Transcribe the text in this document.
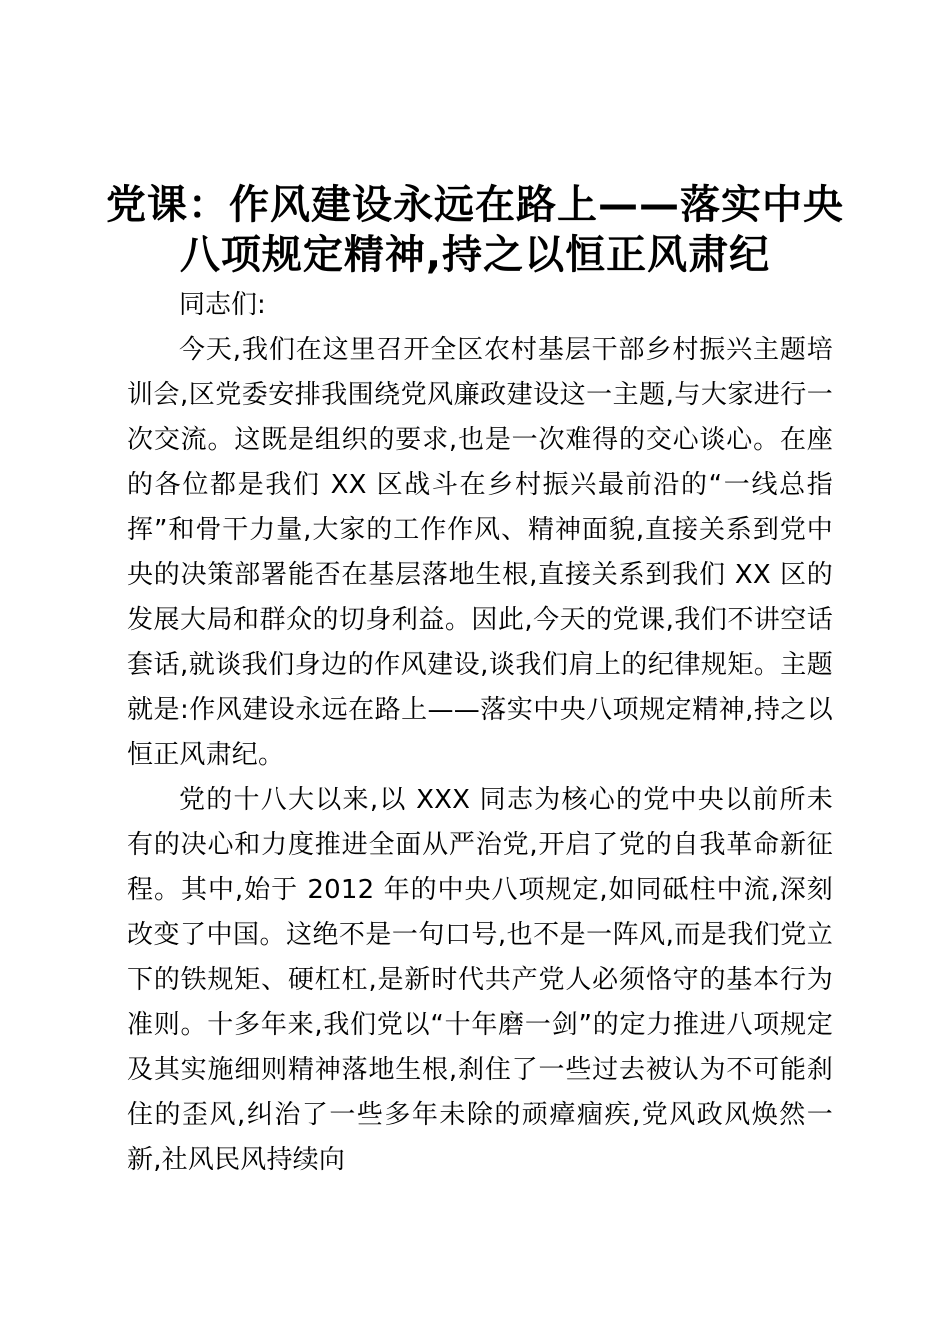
党课：作风建设永远在路上——落实中央八项规定精神,持之以恒正风肃纪

同志们:

今天,我们在这里召开全区农村基层干部乡村振兴主题培训会,区党委安排我围绕党风廉政建设这一主题,与大家进行一次交流。这既是组织的要求,也是一次难得的交心谈心。在座的各位都是我们 XX 区战斗在乡村振兴最前沿的“一线总指挥”和骨干力量,大家的工作作风、精神面貌,直接关系到党中央的决策部署能否在基层落地生根,直接关系到我们 XX 区的发展大局和群众的切身利益。因此,今天的党课,我们不讲空话套话,就谈我们身边的作风建设,谈我们肩上的纪律规矩。主题就是:作风建设永远在路上——落实中央八项规定精神,持之以恒正风肃纪。

党的十八大以来,以 XXX 同志为核心的党中央以前所未有的决心和力度推进全面从严治党,开启了党的自我革命新征程。其中,始于 2012 年的中央八项规定,如同砥柱中流,深刻改变了中国。这绝不是一句口号,也不是一阵风,而是我们党立下的铁规矩、硬杠杠,是新时代共产党人必须恪守的基本行为准则。十多年来,我们党以“十年磨一剑”的定力推进八项规定及其实施细则精神落地生根,刹住了一些过去被认为不可能刹住的歪风,纠治了一些多年未除的顽瘴痼疾,党风政风焕然一新,社风民风持续向
